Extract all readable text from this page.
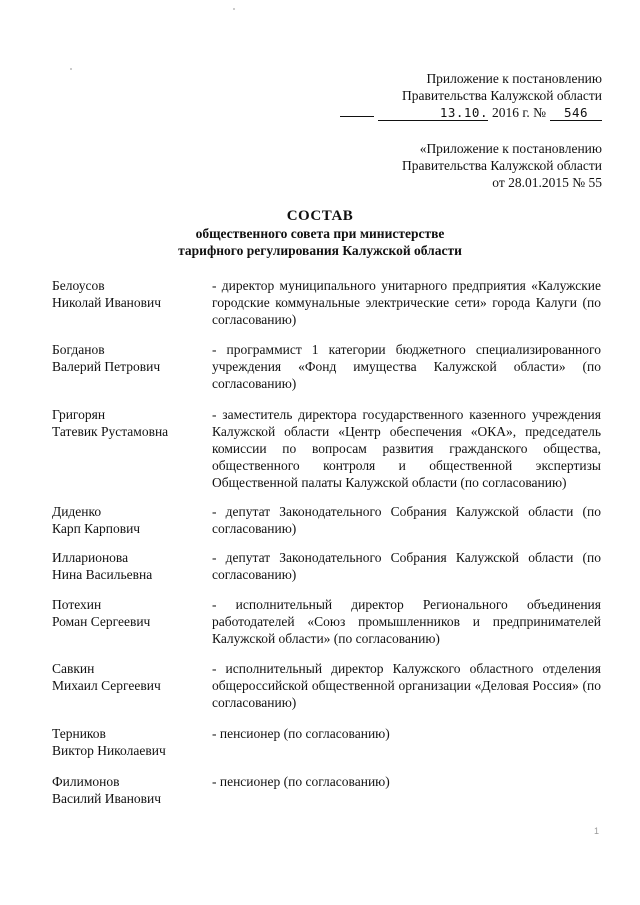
1
Приложение к постановлению
Правительства Калужской области
13.10. 2016 г. №	546
«Приложение к постановлению
Правительства Калужской области
от 28.01.2015 № 55
СОСТАВ
общественного совета при министерстве
тарифного регулирования Калужской области
Белоусов
Николай Иванович
- директор муниципального унитарного предприятия «Калужские городские коммунальные электрические сети» города Калуги (по согласованию)
Богданов
Валерий Петрович
- программист 1 категории бюджетного специализированного учреждения «Фонд имущества Калужской области» (по согласованию)
Григорян
Татевик Рустамовна
- заместитель директора государственного казенного учреждения Калужской области «Центр обеспечения «ОКА», председатель комиссии по вопросам развития гражданского общества, общественного контроля и общественной экспертизы Общественной палаты Калужской области (по согласованию)
Диденко
Карп Карпович
- депутат Законодательного Собрания Калужской области (по согласованию)
Илларионова
Нина Васильевна
- депутат Законодательного Собрания Калужской области (по согласованию)
Потехин
Роман Сергеевич
- исполнительный директор Регионального объединения работодателей «Союз промышленников и предпринимателей Калужской области» (по согласованию)
Савкин
Михаил Сергеевич
- исполнительный директор Калужского областного отделения общероссийской общественной организации «Деловая Россия» (по согласованию)
Терников
Виктор Николаевич
- пенсионер (по согласованию)
Филимонов
Василий Иванович
- пенсионер (по согласованию)
